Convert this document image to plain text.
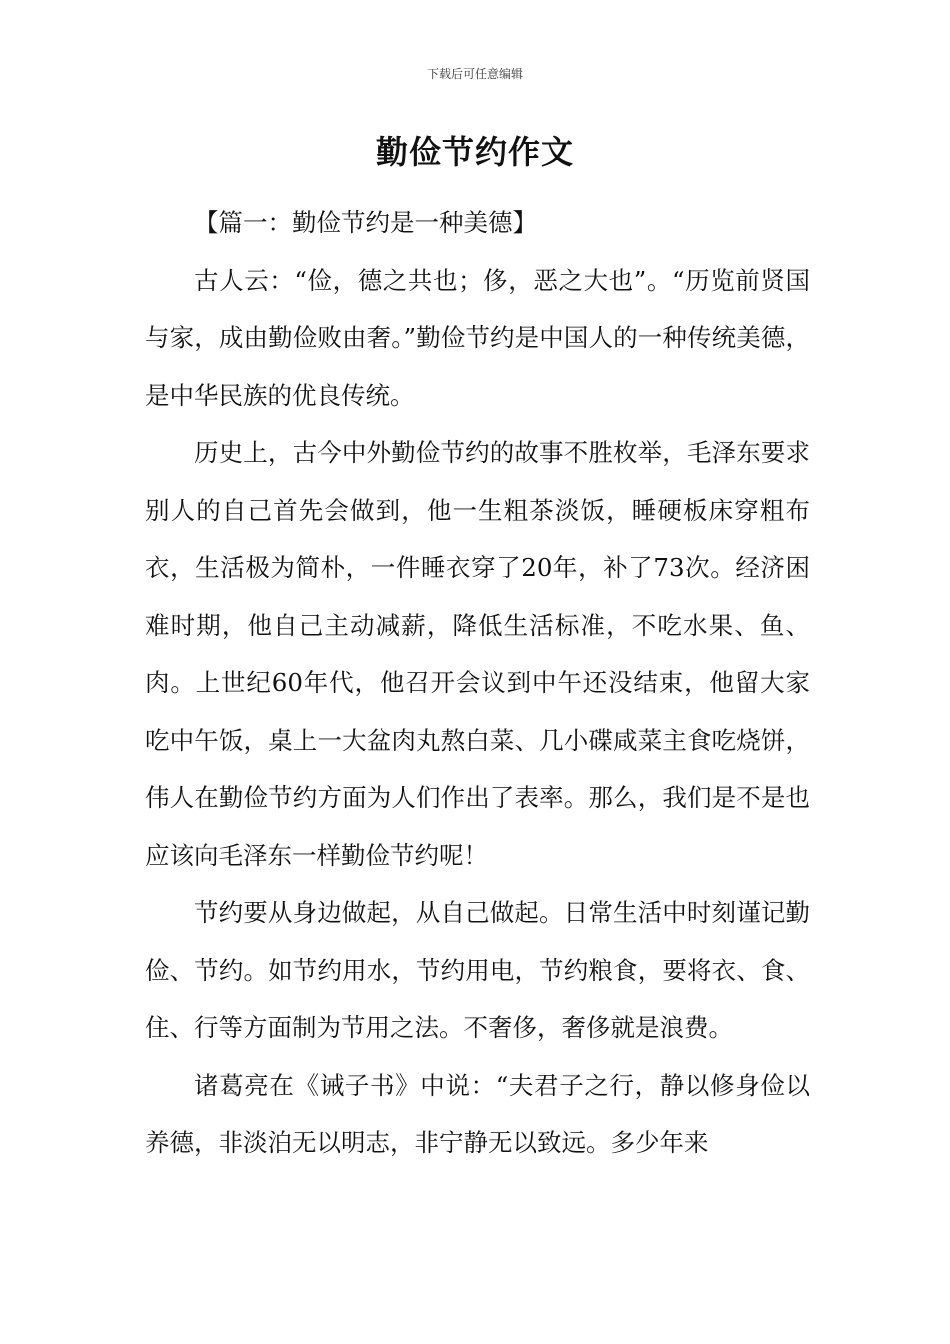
下载后可任意编辑
勤俭节约作文

【篇一：勤俭节约是一种美德】

古人云：“俭，德之共也；侈，恶之大也”。“历览前贤国与家，成由勤俭败由奢。”勤俭节约是中国人的一种传统美德，是中华民族的优良传统。

历史上，古今中外勤俭节约的故事不胜枚举，毛泽东要求别人的自己首先会做到，他一生粗茶淡饭，睡硬板床穿粗布衣，生活极为简朴，一件睡衣穿了20年，补了73次。经济困难时期，他自己主动减薪，降低生活标准，不吃水果、鱼、肉。上世纪60年代，他召开会议到中午还没结束，他留大家吃中午饭，桌上一大盆肉丸熬白菜、几小碟咸菜主食吃烧饼，伟人在勤俭节约方面为人们作出了表率。那么，我们是不是也应该向毛泽东一样勤俭节约呢！

节约要从身边做起，从自己做起。日常生活中时刻谨记勤俭、节约。如节约用水，节约用电，节约粮食，要将衣、食、住、行等方面制为节用之法。不奢侈，奢侈就是浪费。

诸葛亮在《诫子书》中说：“夫君子之行，静以修身俭以养德，非淡泊无以明志，非宁静无以致远。多少年来
